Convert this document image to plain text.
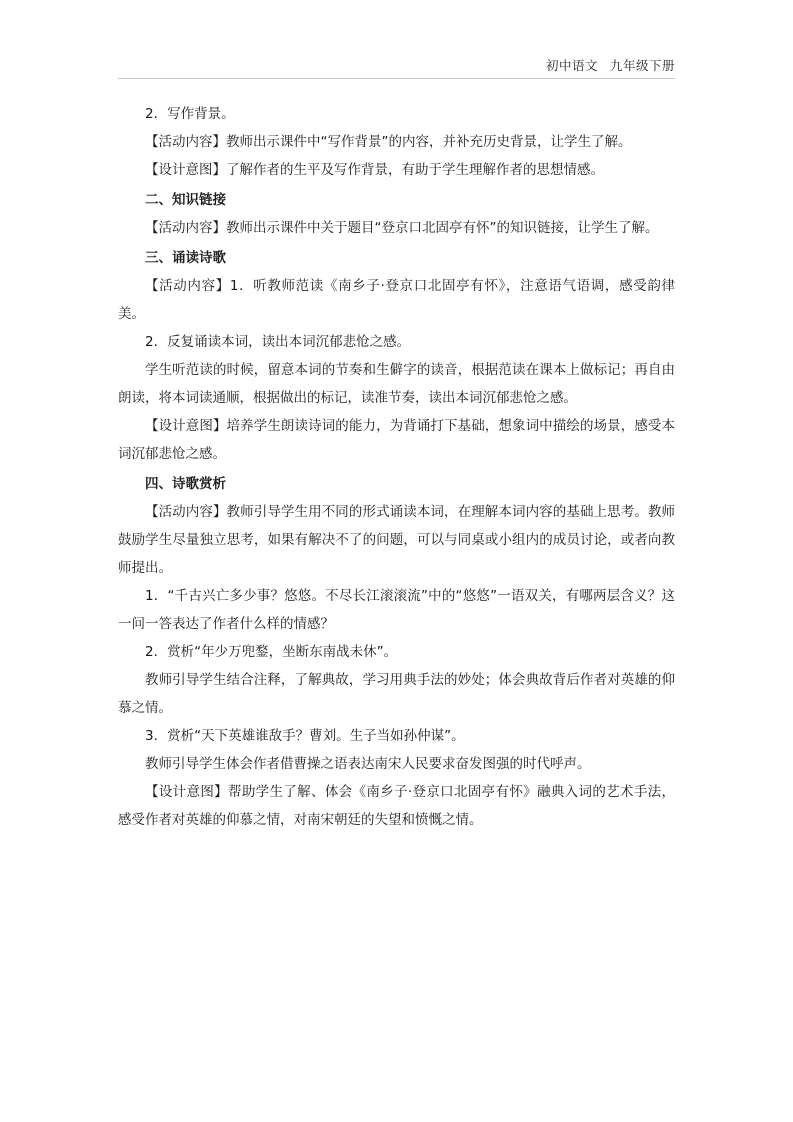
初中语文 九年级下册

2．写作背景。

【活动内容】教师出示课件中“写作背景”的内容，并补充历史背景，让学生了解。

【设计意图】了解作者的生平及写作背景，有助于学生理解作者的思想情感。

二、知识链接

【活动内容】教师出示课件中关于题目“登京口北固亭有怀”的知识链接，让学生了解。

三、诵读诗歌

【活动内容】1．听教师范读《南乡子·登京口北固亭有怀》，注意语气语调，感受韵律美。

2．反复诵读本词，读出本词沉郁悲怆之感。

学生听范读的时候，留意本词的节奏和生僻字的读音，根据范读在课本上做标记；再自由朗读，将本词读通顺，根据做出的标记，读准节奏，读出本词沉郁悲怆之感。

【设计意图】培养学生朗读诗词的能力，为背诵打下基础，想象词中描绘的场景，感受本词沉郁悲怆之感。

四、诗歌赏析

【活动内容】教师引导学生用不同的形式诵读本词，在理解本词内容的基础上思考。教师鼓励学生尽量独立思考，如果有解决不了的问题，可以与同桌或小组内的成员讨论，或者向教师提出。

1．“千古兴亡多少事？悠悠。不尽长江滚滚流”中的“悠悠”一语双关，有哪两层含义？这一问一答表达了作者什么样的情感？

2．赏析“年少万兜鍪，坐断东南战未休”。

教师引导学生结合注释，了解典故，学习用典手法的妙处；体会典故背后作者对英雄的仰慕之情。

3．赏析“天下英雄谁敌手？曹刘。生子当如孙仲谋”。

教师引导学生体会作者借曹操之语表达南宋人民要求奋发图强的时代呼声。

【设计意图】帮助学生了解、体会《南乡子·登京口北固亭有怀》融典入词的艺术手法，感受作者对英雄的仰慕之情，对南宋朝廷的失望和愤慨之情。
